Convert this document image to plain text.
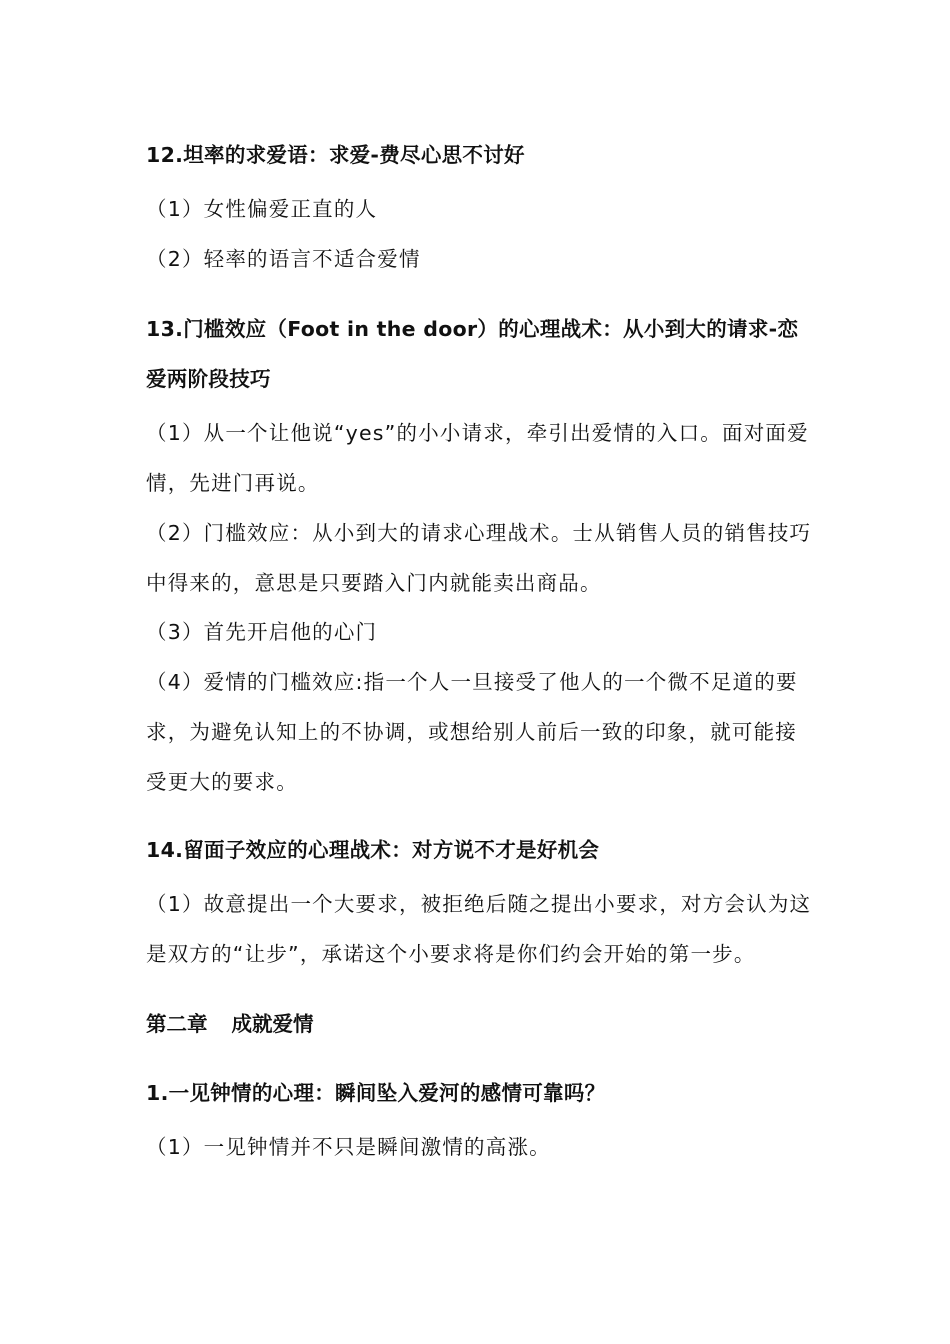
12.坦率的求爱语：求爱-费尽心思不讨好
（1）女性偏爱正直的人
（2）轻率的语言不适合爱情
13.门槛效应（Foot in the door）的心理战术：从小到大的请求-恋
爱两阶段技巧
（1）从一个让他说“yes”的小小请求，牵引出爱情的入口。面对面爱
情，先进门再说。
（2）门槛效应：从小到大的请求心理战术。士从销售人员的销售技巧
中得来的，意思是只要踏入门内就能卖出商品。
（3）首先开启他的心门
（4）爱情的门槛效应:指一个人一旦接受了他人的一个微不足道的要
求，为避免认知上的不协调，或想给别人前后一致的印象，就可能接
受更大的要求。
14.留面子效应的心理战术：对方说不才是好机会
（1）故意提出一个大要求，被拒绝后随之提出小要求，对方会认为这
是双方的“让步”，承诺这个小要求将是你们约会开始的第一步。
第二章 成就爱情
1.一见钟情的心理：瞬间坠入爱河的感情可靠吗？
（1）一见钟情并不只是瞬间激情的高涨。
